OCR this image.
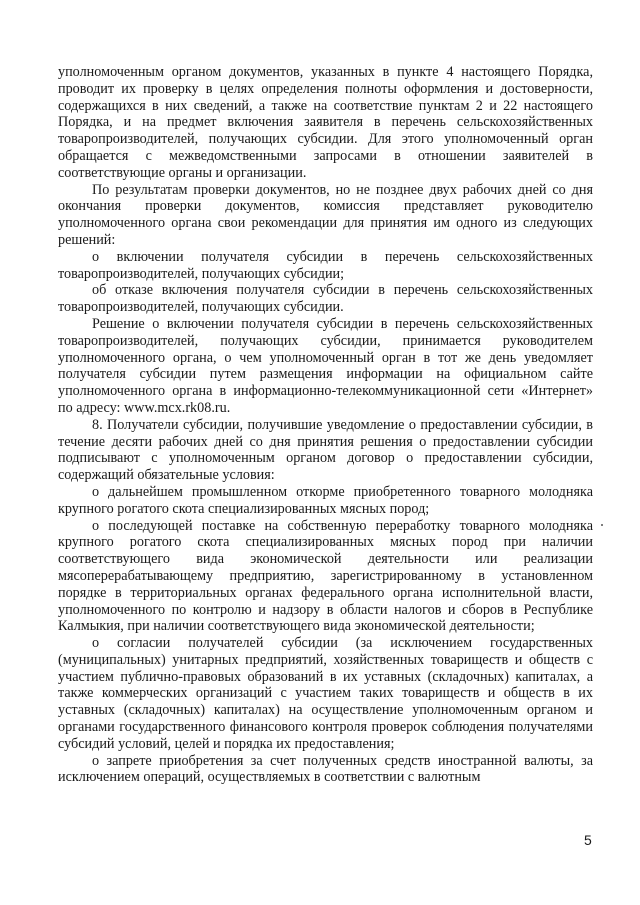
уполномоченным органом документов, указанных в пункте 4 настоящего Порядка, проводит их проверку в целях определения полноты оформления и достоверности, содержащихся в них сведений, а также на соответствие пунктам 2 и 22 настоящего Порядка, и на предмет включения заявителя в перечень сельскохозяйственных товаропроизводителей, получающих субсидии. Для этого уполномоченный орган обращается с межведомственными запросами в отношении заявителей в соответствующие органы и организации.

По результатам проверки документов, но не позднее двух рабочих дней со дня окончания проверки документов, комиссия представляет руководителю уполномоченного органа свои рекомендации для принятия им одного из следующих решений:

о включении получателя субсидии в перечень сельскохозяйственных товаропроизводителей, получающих субсидии;

об отказе включения получателя субсидии в перечень сельскохозяйственных товаропроизводителей, получающих субсидии.

Решение о включении получателя субсидии в перечень сельскохозяйственных товаропроизводителей, получающих субсидии, принимается руководителем уполномоченного органа, о чем уполномоченный орган в тот же день уведомляет получателя субсидии путем размещения информации на официальном сайте уполномоченного органа в информационно-телекоммуникационной сети «Интернет» по адресу: www.mcx.rk08.ru.

8. Получатели субсидии, получившие уведомление о предоставлении субсидии, в течение десяти рабочих дней со дня принятия решения о предоставлении субсидии подписывают с уполномоченным органом договор о предоставлении субсидии, содержащий обязательные условия:

о дальнейшем промышленном откорме приобретенного товарного молодняка крупного рогатого скота специализированных мясных пород;

о последующей поставке на собственную переработку товарного молодняка крупного рогатого скота специализированных мясных пород при наличии соответствующего вида экономической деятельности или реализации мясоперерабатывающему предприятию, зарегистрированному в установленном порядке в территориальных органах федерального органа исполнительной власти, уполномоченного по контролю и надзору в области налогов и сборов в Республике Калмыкия, при наличии соответствующего вида экономической деятельности;

о согласии получателей субсидии (за исключением государственных (муниципальных) унитарных предприятий, хозяйственных товариществ и обществ с участием публично-правовых образований в их уставных (складочных) капиталах, а также коммерческих организаций с участием таких товариществ и обществ в их уставных (складочных) капиталах) на осуществление уполномоченным органом и органами государственного финансового контроля проверок соблюдения получателями субсидий условий, целей и порядка их предоставления;

о запрете приобретения за счет полученных средств иностранной валюты, за исключением операций, осуществляемых в соответствии с валютным

5
